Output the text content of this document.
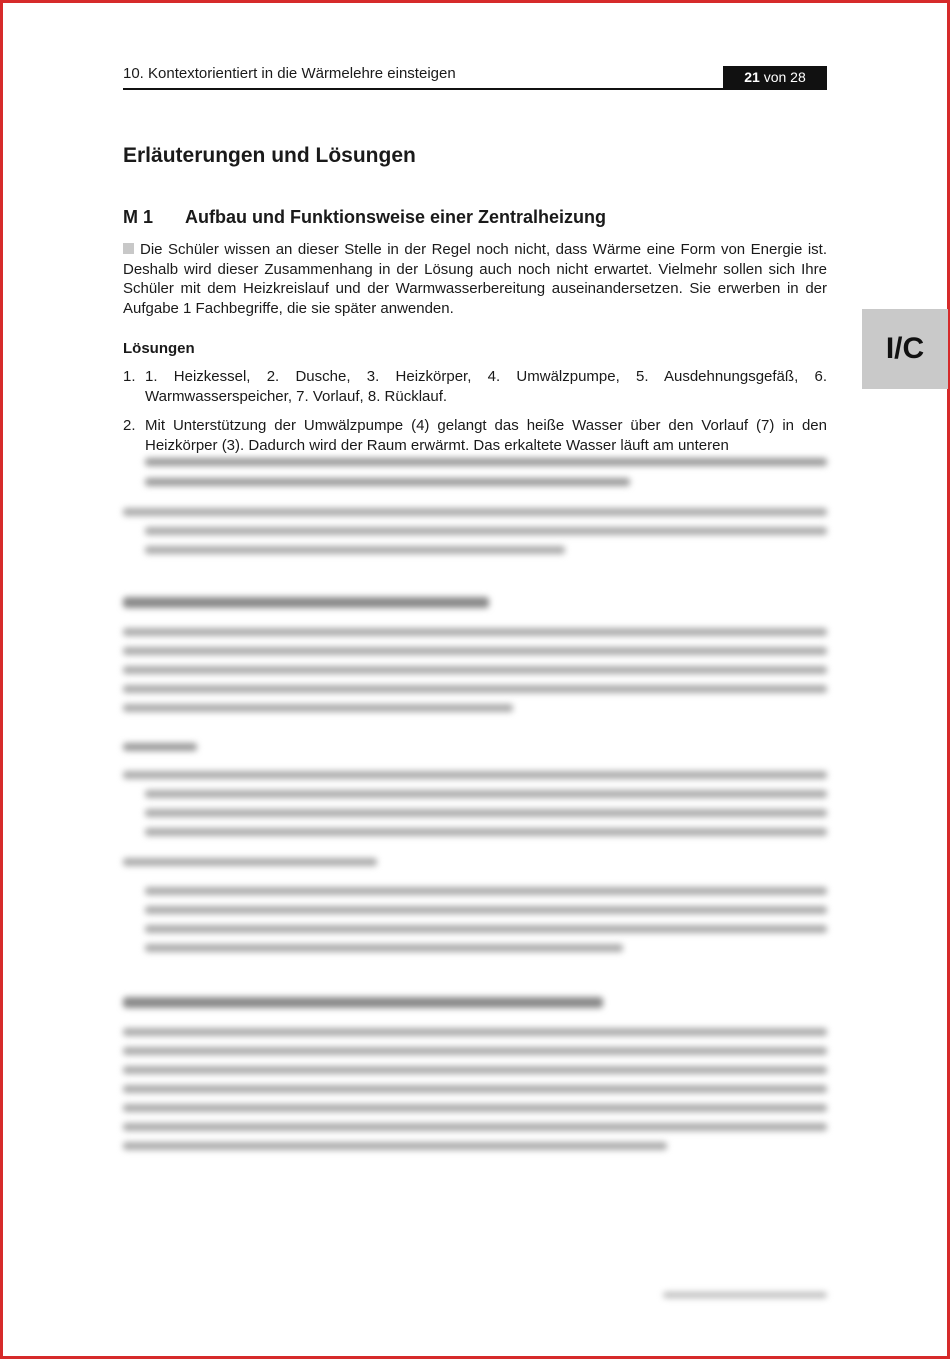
10. Kontextorientiert in die Wärmelehre einsteigen	21 von 28
I/C
Erläuterungen und Lösungen
M 1 Aufbau und Funktionsweise einer Zentralheizung

Die Schüler wissen an dieser Stelle in der Regel noch nicht, dass Wärme eine Form von Energie ist. Deshalb wird dieser Zusammenhang in der Lösung auch noch nicht erwartet. Vielmehr sollen sich Ihre Schüler mit dem Heizkreislauf und der Warmwasserbereitung auseinandersetzen. Sie erwerben in der Aufgabe 1 Fachbegriffe, die sie später anwenden.

Lösungen
1. 1. Heizkessel, 2. Dusche, 3. Heizkörper, 4. Umwälzpumpe, 5. Ausdehnungsgefäß, 6. Warmwasserspeicher, 7. Vorlauf, 8. Rücklauf.
2. Mit Unterstützung der Umwälzpumpe (4) gelangt das heiße Wasser über den Vorlauf (7) in den Heizkörper (3). Dadurch wird der Raum erwärmt. Das erkaltete Wasser läuft am unteren
